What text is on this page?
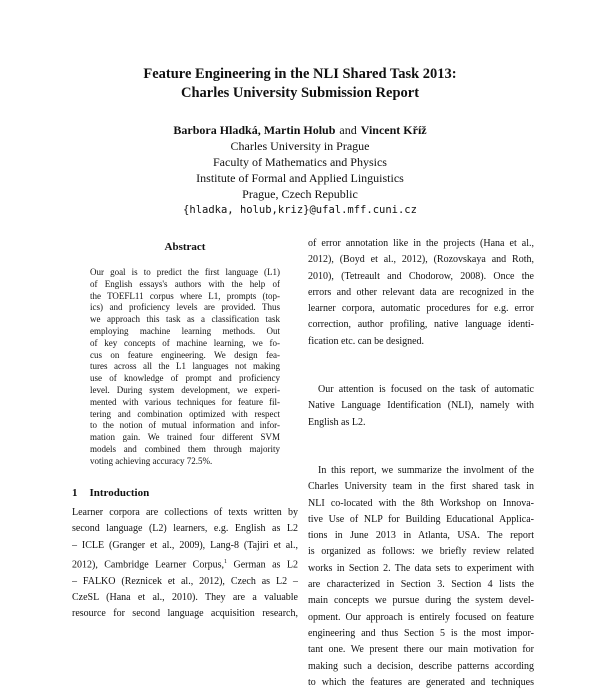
Feature Engineering in the NLI Shared Task 2013:
Charles University Submission Report
Barbora Hladká, Martin Holub and Vincent Kříž
Charles University in Prague
Faculty of Mathematics and Physics
Institute of Formal and Applied Linguistics
Prague, Czech Republic
{hladka, holub,kriz}@ufal.mff.cuni.cz
Abstract
Our goal is to predict the first language (L1)
of English essays's authors with the help of
the TOEFL11 corpus where L1, prompts (top-
ics) and proficiency levels are provided. Thus
we approach this task as a classification task
employing machine learning methods. Out
of key concepts of machine learning, we fo-
cus on feature engineering. We design fea-
tures across all the L1 languages not making
use of knowledge of prompt and proficiency
level. During system development, we experi-
mented with various techniques for feature fil-
tering and combination optimized with respect
to the notion of mutual information and infor-
mation gain. We trained four different SVM
models and combined them through majority
voting achieving accuracy 72.5%.
1 Introduction
Learner corpora are collections of texts written by
second language (L2) learners, e.g. English as L2
– ICLE (Granger et al., 2009), Lang-8 (Tajiri et al.,
2012), Cambridge Learner Corpus,$^1$ German as L2
– FALKO (Reznicek et al., 2012), Czech as L2 –
CzeSL (Hana et al., 2010). They are a valuable
resource for second language acquisition research,
of error annotation like in the projects (Hana et al.,
2012), (Boyd et al., 2012), (Rozovskaya and Roth,
2010), (Tetreault and Chodorow, 2008). Once the
errors and other relevant data are recognized in the
learner corpora, automatic procedures for e.g. error
correction, author profiling, native language identi-
fication etc. can be designed.
Our attention is focused on the task of automatic
Native Language Identification (NLI), namely with
English as L2.
In this report, we summarize the involment of the
Charles University team in the first shared task in
NLI co-located with the 8th Workshop on Innova-
tive Use of NLP for Building Educational Applica-
tions in June 2013 in Atlanta, USA. The report
is organized as follows: we briefly review related
works in Section 2. The data sets to experiment with
are characterized in Section 3. Section 4 lists the
main concepts we pursue during the system devel-
opment. Our approach is entirely focused on feature
engineering and thus Section 5 is the most impor-
tant one. We present there our main motivation for
making such a decision, describe patterns according
to which the features are generated and techniques
